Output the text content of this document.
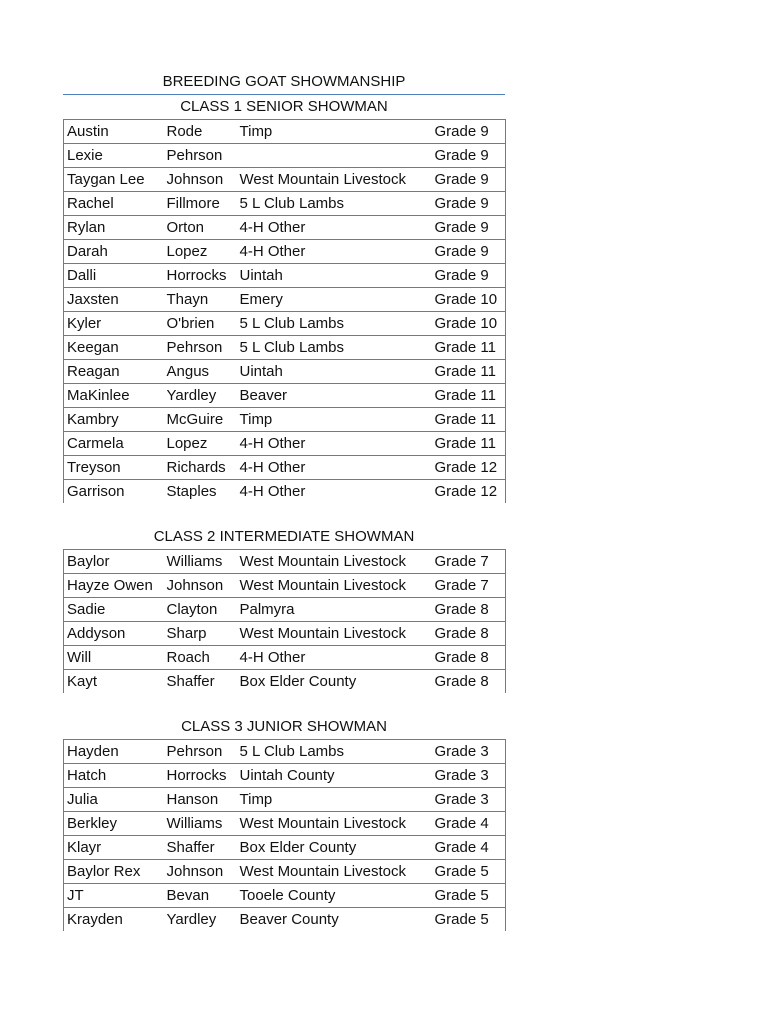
BREEDING GOAT SHOWMANSHIP
CLASS 1 SENIOR SHOWMAN
Austin	Rode	Timp	Grade 9
Lexie	Pehrson		Grade 9
Taygan Lee	Johnson	West Mountain Livestock	Grade 9
Rachel	Fillmore	5 L Club Lambs	Grade 9
Rylan	Orton	4-H Other	Grade 9
Darah	Lopez	4-H Other	Grade 9
Dalli	Horrocks	Uintah	Grade 9
Jaxsten	Thayn	Emery	Grade 10
Kyler	O'brien	5 L Club Lambs	Grade 10
Keegan	Pehrson	5 L Club Lambs	Grade 11
Reagan	Angus	Uintah	Grade 11
MaKinlee	Yardley	Beaver	Grade 11
Kambry	McGuire	Timp	Grade 11
Carmela	Lopez	4-H Other	Grade 11
Treyson	Richards	4-H Other	Grade 12
Garrison	Staples	4-H Other	Grade 12
CLASS 2 INTERMEDIATE SHOWMAN
Baylor	Williams	West Mountain Livestock	Grade 7
Hayze Owen	Johnson	West Mountain Livestock	Grade 7
Sadie	Clayton	Palmyra	Grade 8
Addyson	Sharp	West Mountain Livestock	Grade 8
Will	Roach	4-H Other	Grade 8
Kayt	Shaffer	Box Elder County	Grade 8
CLASS 3 JUNIOR SHOWMAN
Hayden	Pehrson	5 L Club Lambs	Grade 3
Hatch	Horrocks	Uintah County	Grade 3
Julia	Hanson	Timp	Grade 3
Berkley	Williams	West Mountain Livestock	Grade 4
Klayr	Shaffer	Box Elder County	Grade 4
Baylor Rex	Johnson	West Mountain Livestock	Grade 5
JT	Bevan	Tooele County	Grade 5
Krayden	Yardley	Beaver County	Grade 5
